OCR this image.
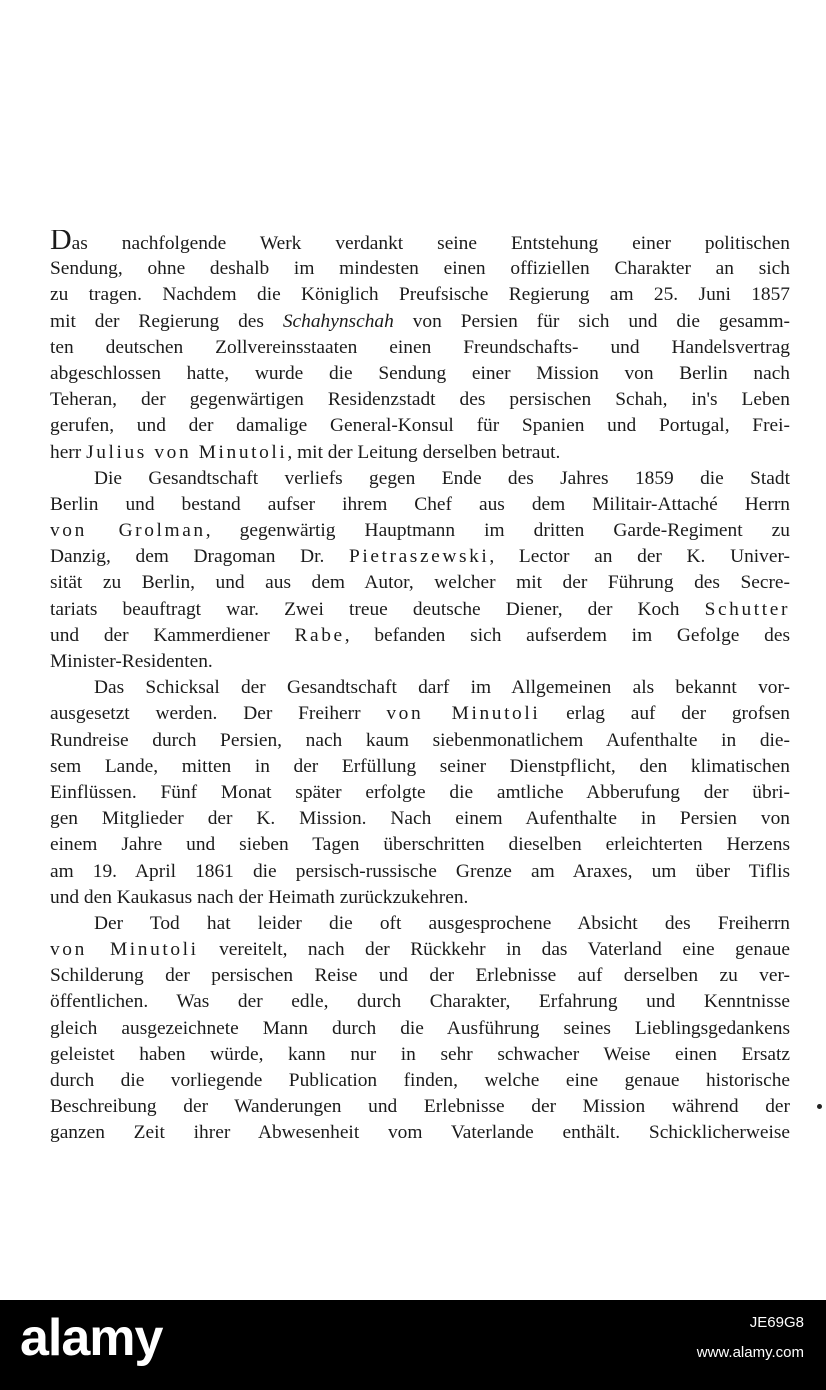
Das nachfolgende Werk verdankt seine Entstehung einer politischen
Sendung, ohne deshalb im mindesten einen offiziellen Charakter an sich
zu tragen. Nachdem die Königlich Preufsische Regierung am 25. Juni 1857
mit der Regierung des Schahynschah von Persien für sich und die gesamm-
ten deutschen Zollvereinsstaaten einen Freundschafts- und Handelsvertrag
abgeschlossen hatte, wurde die Sendung einer Mission von Berlin nach
Teheran, der gegenwärtigen Residenzstadt des persischen Schah, in's Leben
gerufen, und der damalige General-Konsul für Spanien und Portugal, Frei-
herr Julius von Minutoli, mit der Leitung derselben betraut.
Die Gesandtschaft verliefs gegen Ende des Jahres 1859 die Stadt
Berlin und bestand aufser ihrem Chef aus dem Militair-Attaché Herrn
von Grolman, gegenwärtig Hauptmann im dritten Garde-Regiment zu
Danzig, dem Dragoman Dr. Pietraszewski, Lector an der K. Univer-
sität zu Berlin, und aus dem Autor, welcher mit der Führung des Secre-
tariats beauftragt war. Zwei treue deutsche Diener, der Koch Schutter
und der Kammerdiener Rabe, befanden sich aufserdem im Gefolge des
Minister-Residenten.
Das Schicksal der Gesandtschaft darf im Allgemeinen als bekannt vor-
ausgesetzt werden. Der Freiherr von Minutoli erlag auf der grofsen
Rundreise durch Persien, nach kaum siebenmonatlichem Aufenthalte in die-
sem Lande, mitten in der Erfüllung seiner Dienstpflicht, den klimatischen
Einflüssen. Fünf Monat später erfolgte die amtliche Abberufung der übri-
gen Mitglieder der K. Mission. Nach einem Aufenthalte in Persien von
einem Jahre und sieben Tagen überschritten dieselben erleichterten Herzens
am 19. April 1861 die persisch-russische Grenze am Araxes, um über Tiflis
und den Kaukasus nach der Heimath zurückzukehren.
Der Tod hat leider die oft ausgesprochene Absicht des Freiherrn
von Minutoli vereitelt, nach der Rückkehr in das Vaterland eine genaue
Schilderung der persischen Reise und der Erlebnisse auf derselben zu ver-
öffentlichen. Was der edle, durch Charakter, Erfahrung und Kenntnisse
gleich ausgezeichnete Mann durch die Ausführung seines Lieblingsgedankens
geleistet haben würde, kann nur in sehr schwacher Weise einen Ersatz
durch die vorliegende Publication finden, welche eine genaue historische
Beschreibung der Wanderungen und Erlebnisse der Mission während der
ganzen Zeit ihrer Abwesenheit vom Vaterlande enthält. Schicklicherweise
alamy	JE69G8
www.alamy.com
